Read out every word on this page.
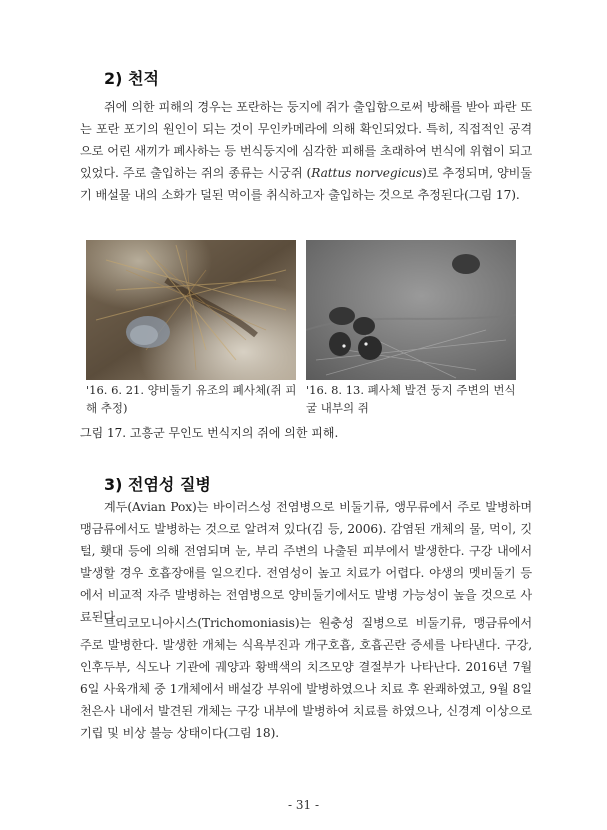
2) 천적

쥐에 의한 피해의 경우는 포란하는 둥지에 쥐가 출입함으로써 방해를 받아 파란 또는 포란 포기의 원인이 되는 것이 무인카메라에 의해 확인되었다. 특히, 직접적인 공격으로 어린 새끼가 폐사하는 등 번식둥지에 심각한 피해를 초래하여 번식에 위협이 되고 있었다. 주로 출입하는 쥐의 종류는 시궁쥐 (Rattus norvegicus)로 추정되며, 양비둘기 배설물 내의 소화가 덜된 먹이를 취식하고자 출입하는 것으로 추정된다(그림 17).

'16. 6. 21. 양비둘기 유조의 폐사체(쥐 피해 추정)

'16. 8. 13. 폐사체 발견 둥지 주변의 번식 굴 내부의 쥐

그림 17. 고흥군 무인도 번식지의 쥐에 의한 피해.

3) 전염성 질병

계두(Avian Pox)는 바이러스성 전염병으로 비둘기류, 앵무류에서 주로 발병하며 맹금류에서도 발병하는 것으로 알려져 있다(김 등, 2006). 감염된 개체의 물, 먹이, 깃털, 횃대 등에 의해 전염되며 눈, 부리 주변의 나출된 피부에서 발생한다. 구강 내에서 발생할 경우 호흡장애를 일으킨다. 전염성이 높고 치료가 어렵다. 야생의 멧비둘기 등에서 비교적 자주 발병하는 전염병으로 양비둘기에서도 발병 가능성이 높을 것으로 사료된다.

트리코모니아시스(Trichomoniasis)는 원충성 질병으로 비둘기류, 맹금류에서 주로 발병한다. 발생한 개체는 식욕부진과 개구호흡, 호흡곤란 증세를 나타낸다. 구강, 인후두부, 식도나 기관에 궤양과 황백색의 치즈모양 결절부가 나타난다. 2016년 7월 6일 사육개체 중 1개체에서 배설강 부위에 발병하였으나 치료 후 완쾌하였고, 9월 8일 천은사 내에서 발견된 개체는 구강 내부에 발병하여 치료를 하였으나, 신경계 이상으로 기립 및 비상 불능 상태이다(그림 18).

- 31 -
